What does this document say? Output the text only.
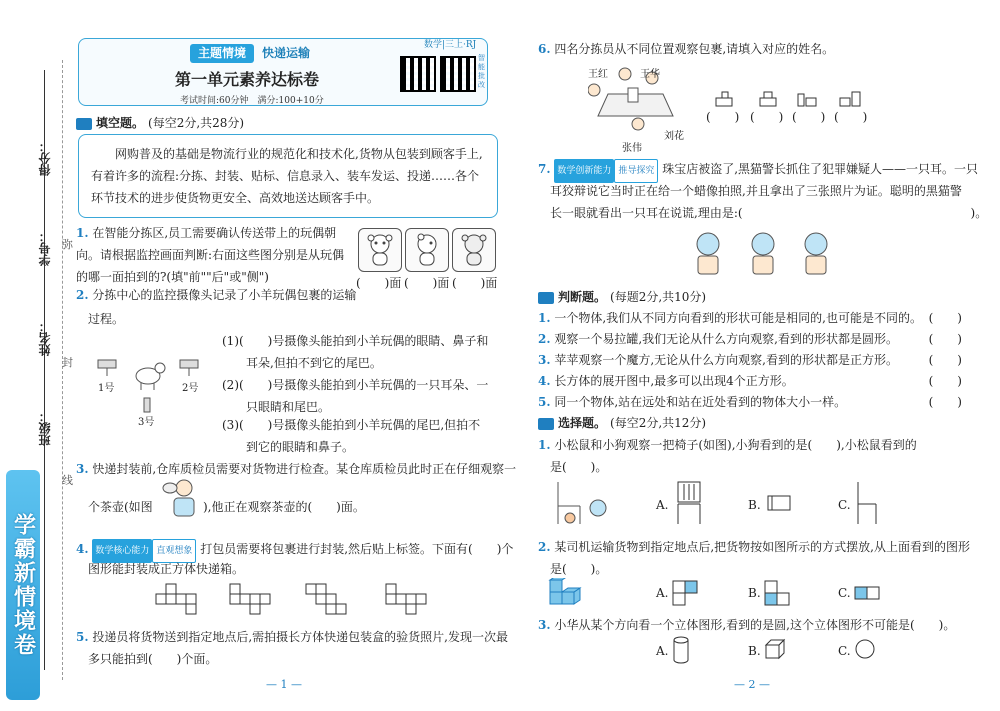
得分：
学号：
姓名：
班级：
弥
封
线
学霸新情境卷
主题情境	快递运输
数学|三上·RJ
第一单元素养达标卷
考试时间:60分钟　满分:100+10分
智能批改
填空题。 (每空2分,共28分)
网购普及的基础是物流行业的规范化和技术化,货物从包装到顾客手上,有着许多的流程:分拣、封装、贴标、信息录入、装车发运、投递……各个环节技术的进步使货物更安全、高效地送达顾客手中。
1. 在智能分拣区,员工需要确认传送带上的玩偶朝向。请根据监控画面判断:右面这些图分别是从玩偶的哪一面拍到的?(填"前""后"或"侧")	(　　)面 (　　)面 (　　)面
2. 分拣中心的监控摄像头记录了小羊玩偶包裹的运输
过程。
1号	2号
3号
(1)(　　)号摄像头能拍到小羊玩偶的眼睛、鼻子和
耳朵,但拍不到它的尾巴。
(2)(　　)号摄像头能拍到小羊玩偶的一只耳朵、一
只眼睛和尾巴。
(3)(　　)号摄像头能拍到小羊玩偶的尾巴,但拍不
到它的眼睛和鼻子。
3. 快递封装前,仓库质检员需要对货物进行检查。某仓库质检员此时正在仔细观察一
个茶壶(如图	),他正在观察茶壶的(　　)面。
4. 数学核心能力 直观想象 打包员需要将包裹进行封装,然后贴上标签。下面有(　　)个
图形能封装成正方体快递箱。
5. 投递员将货物送到指定地点后,需拍摄长方体快递包装盒的验货照片,发现一次最
多只能拍到(　　)个面。
— 1 —
6. 四名分拣员从不同位置观察包裹,请填入对应的姓名。
王红	王华
张伟
刘花
(　　) (　　) (　　) (　　)
7. 数学创新能力 推导探究 珠宝店被盗了,黑猫警长抓住了犯罪嫌疑人——一只耳。一只
耳狡辩说它当时正在给一个蜡像拍照,并且拿出了三张照片为证。聪明的黑猫警
长一眼就看出一只耳在说谎,理由是:(　　　　　　　　　　　　　　　　　　　)。
判断题。 (每题2分,共10分)
1. 一个物体,我们从不同方向看到的形状可能是相同的,也可能是不同的。 (　　)
2. 观察一个易拉罐,我们无论从什么方向观察,看到的形状都是圆形。	(　　)
3. 苹苹观察一个魔方,无论从什么方向观察,看到的形状都是正方形。	(　　)
4. 长方体的展开图中,最多可以出现4个正方形。	(　　)
5. 同一个物体,站在远处和站在近处看到的物体大小一样。	(　　)
选择题。 (每空2分,共12分)
1. 小松鼠和小狗观察一把椅子(如图),小狗看到的是(　　),小松鼠看到的
是(　　)。
A.	B.	C.
2. 某司机运输货物到指定地点后,把货物按如图所示的方式摆放,从上面看到的图形
是(　　)。
A.	B.	C.
3. 小华从某个方向看一个立体图形,看到的是圆,这个立体图形不可能是(　　)。
A.	B.	C.
— 2 —
